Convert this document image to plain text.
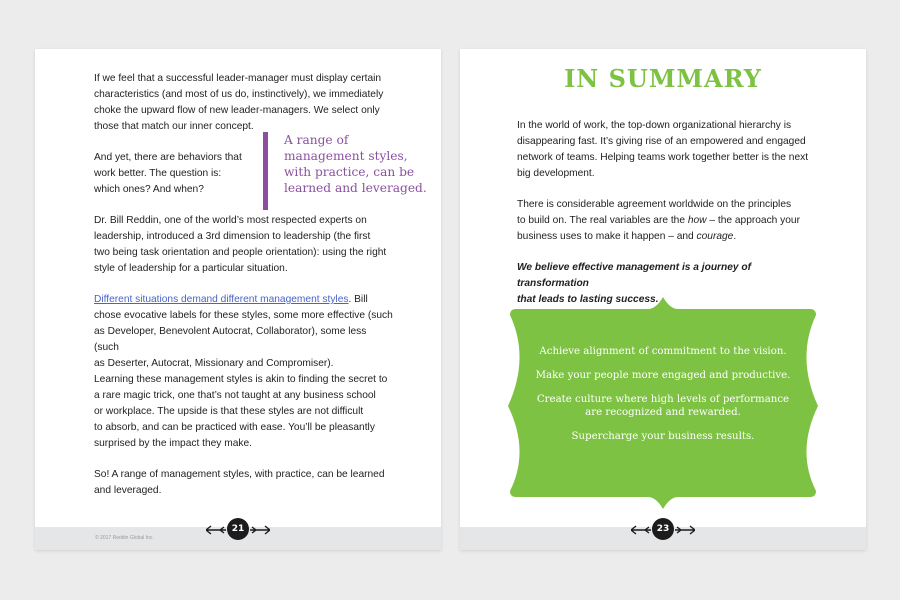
If we feel that a successful leader-manager must display certain
characteristics (and most of us do, instinctively), we immediately
choke the upward flow of new leader-managers. We select only
those that match our inner concept.

And yet, there are behaviors that
work better. The question is:
which ones? And when?

A range of
management styles,
with practice, can be
learned and leveraged.

Dr. Bill Reddin, one of the world’s most respected experts on
leadership, introduced a 3rd dimension to leadership (the first
two being task orientation and people orientation): using the right
style of leadership for a particular situation.

Different situations demand different management styles. Bill
chose evocative labels for these styles, some more effective (such
as Developer, Benevolent Autocrat, Collaborator), some less (such
as Deserter, Autocrat, Missionary and Compromiser).

Learning these management styles is akin to finding the secret to
a rare magic trick, one that’s not taught at any business school
or workplace. The upside is that these styles are not difficult
to absorb, and can be practiced with ease. You’ll be pleasantly
surprised by the impact they make.

So! A range of management styles, with practice, can be learned
and leveraged.

21
© 2017 Reddin Global Inc.
IN SUMMARY

In the world of work, the top-down organizational hierarchy is
disappearing fast. It’s giving rise of an empowered and engaged
network of teams. Helping teams work together better is the next
big development.

There is considerable agreement worldwide on the principles
to build on. The real variables are the how – the approach your
business uses to make it happen – and courage.

We believe effective management is a journey of transformation
that leads to lasting success.

Achieve alignment of commitment to the vision.
Make your people more engaged and productive.
Create culture where high levels of performance
are recognized and rewarded.
Supercharge your business results.
23
